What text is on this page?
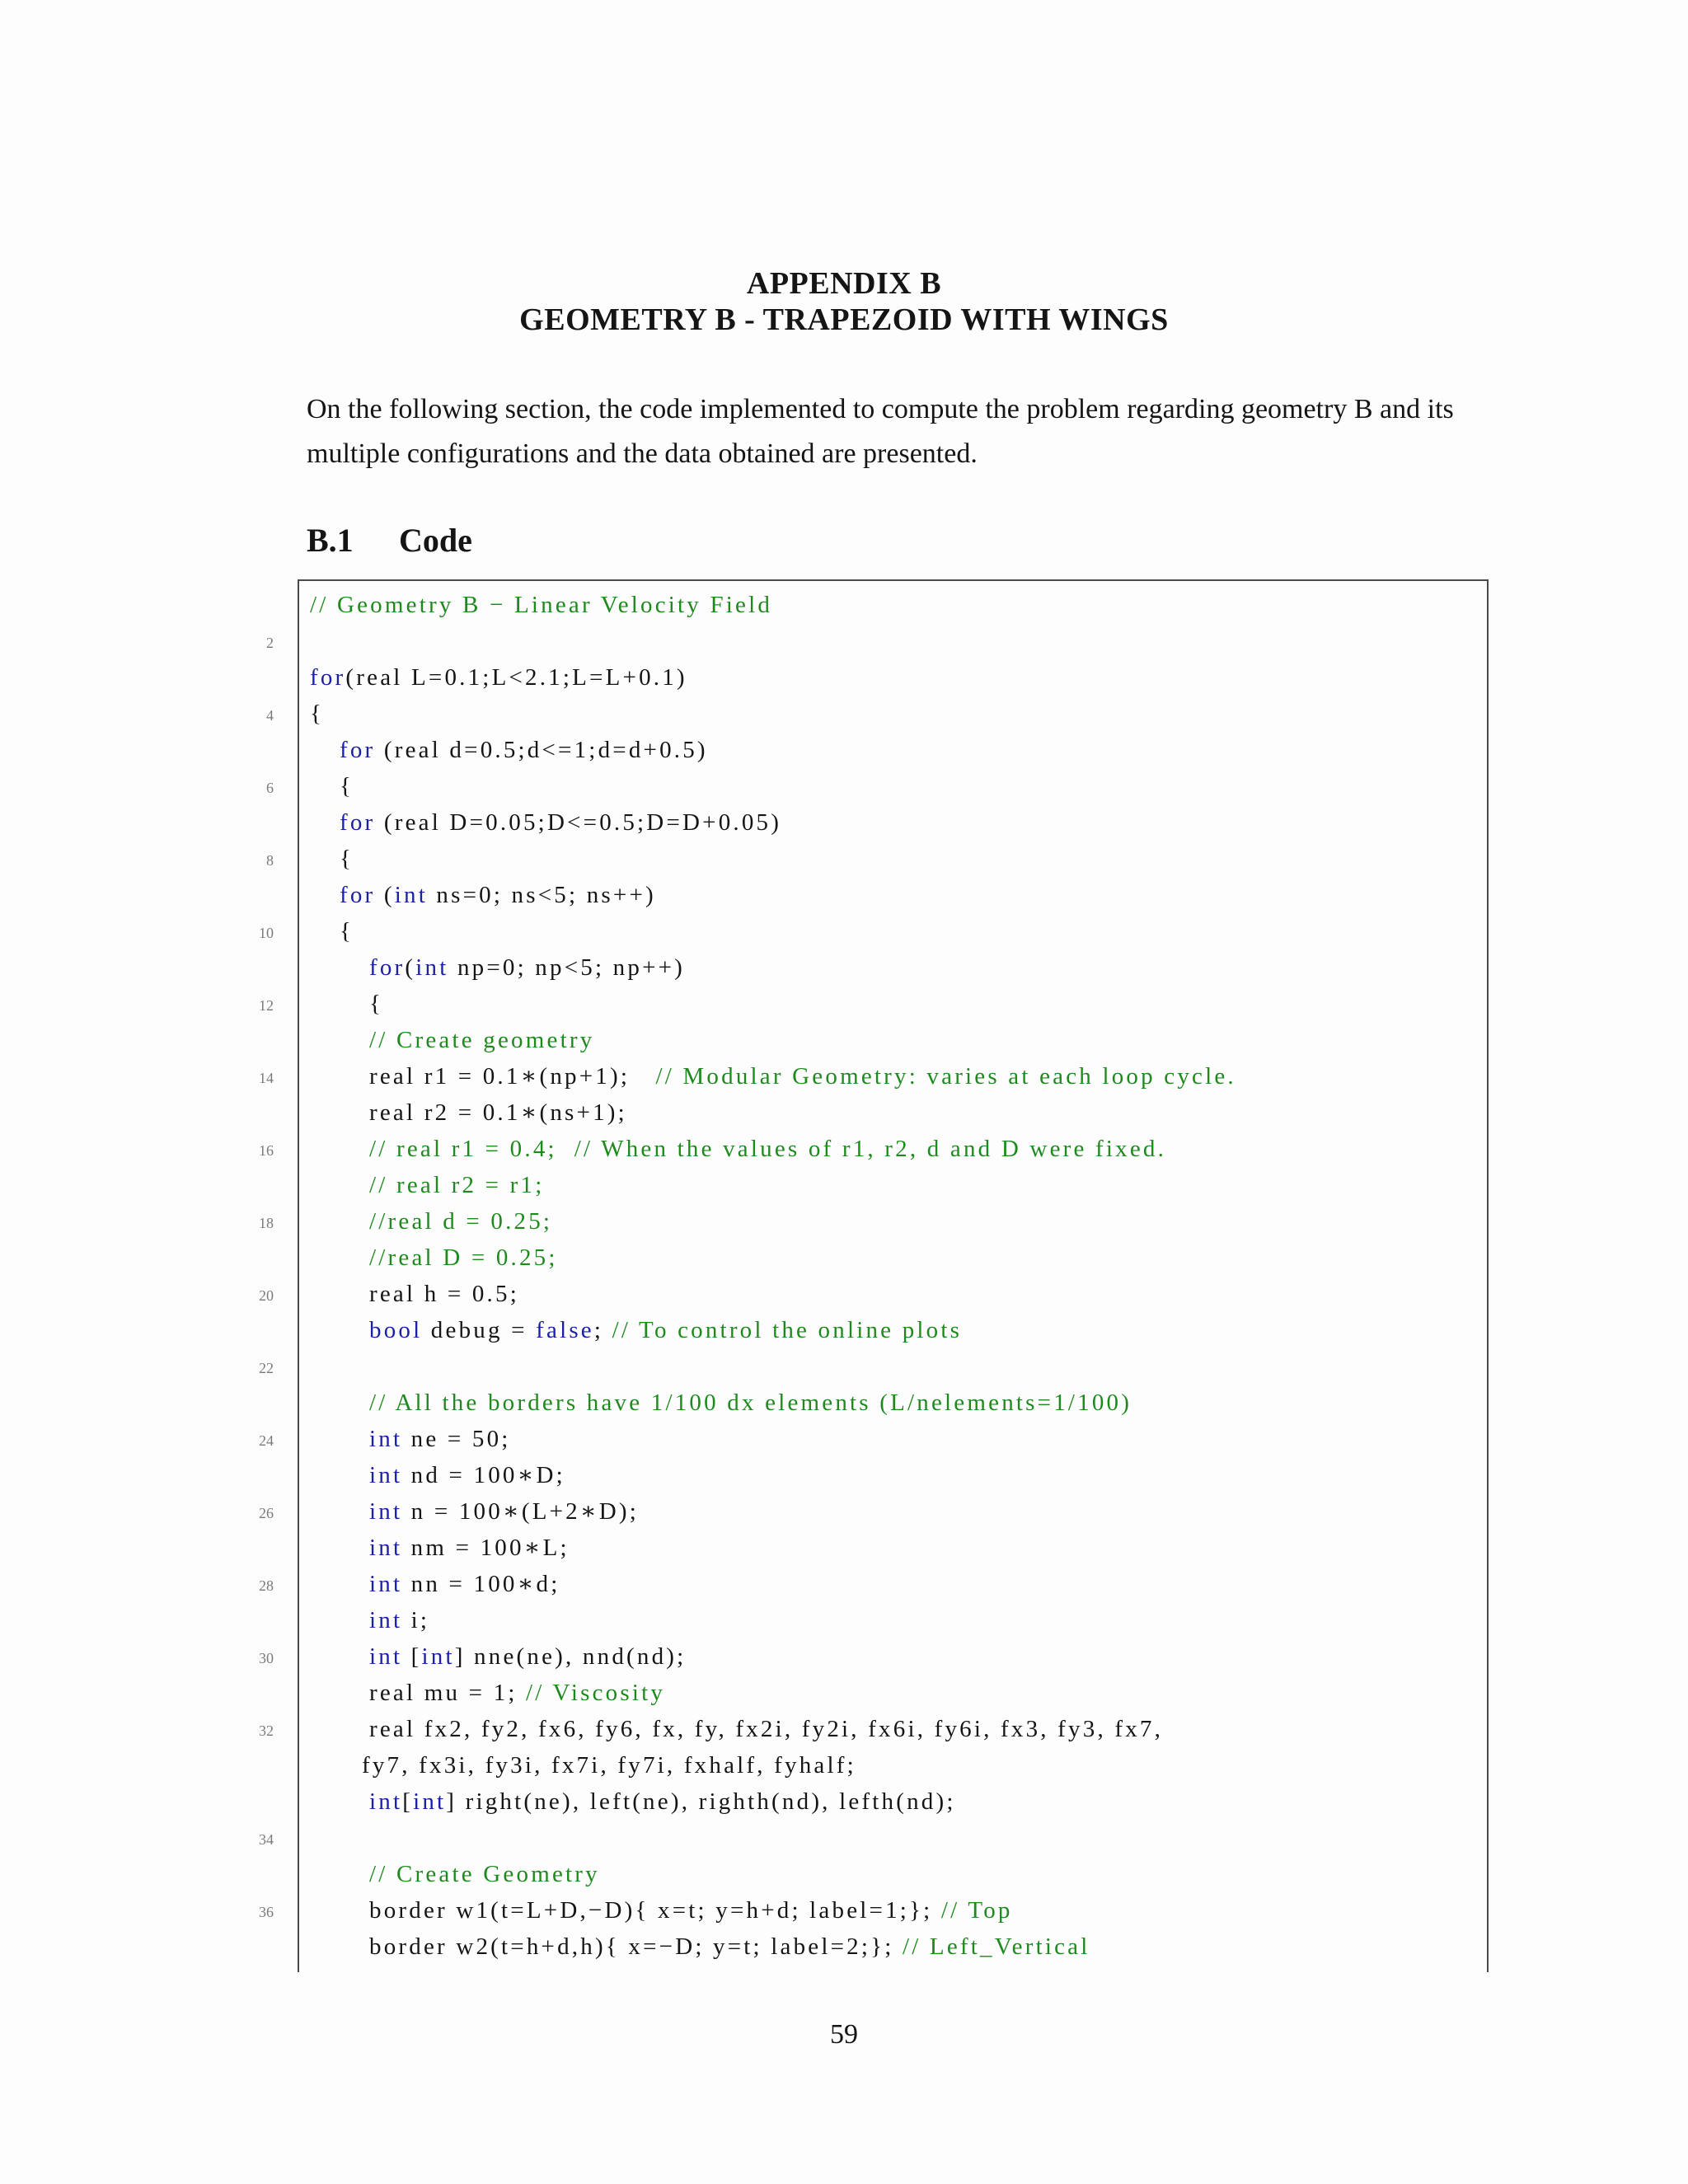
APPENDIX B
GEOMETRY B - TRAPEZOID WITH WINGS

On the following section, the code implemented to compute the problem regarding geometry B and its multiple configurations and the data obtained are presented.

B.1 Code
// Geometry B − Linear Velocity Field
2
for(real L=0.1;L<2.1;L=L+0.1)
4 {
for (real d=0.5;d<=1;d=d+0.5)
6	{
for (real D=0.05;D<=0.5;D=D+0.05)
8	{
for (int ns=0; ns<5; ns++)
10	{
for(int np=0; np<5; np++)
12	{
// Create geometry
14	real r1 = 0.1∗(np+1);   // Modular Geometry: varies at each loop cycle.
real r2 = 0.1∗(ns+1);
16	// real r1 = 0.4;  // When the values of r1, r2, d and D were fixed.
// real r2 = r1;
18	//real d = 0.25;
//real D = 0.25;
20	real h = 0.5;
bool debug = false; // To control the online plots
22
// All the borders have 1/100 dx elements (L/nelements=1/100)
24	int ne = 50;
int nd = 100∗D;
26	int n = 100∗(L+2∗D);
int nm = 100∗L;
28	int nn = 100∗d;
int i;
30	int [int] nne(ne), nnd(nd);
real mu = 1; // Viscosity
32	real fx2, fy2, fx6, fy6, fx, fy, fx2i, fy2i, fx6i, fy6i, fx3, fy3, fx7,
fy7, fx3i, fy3i, fx7i, fy7i, fxhalf, fyhalf;
int[int] right(ne), left(ne), righth(nd), lefth(nd);
34
// Create Geometry
36	border w1(t=L+D,−D){ x=t; y=h+d; label=1;}; // Top
border w2(t=h+d,h){ x=−D; y=t; label=2;}; // Left_Vertical
59
